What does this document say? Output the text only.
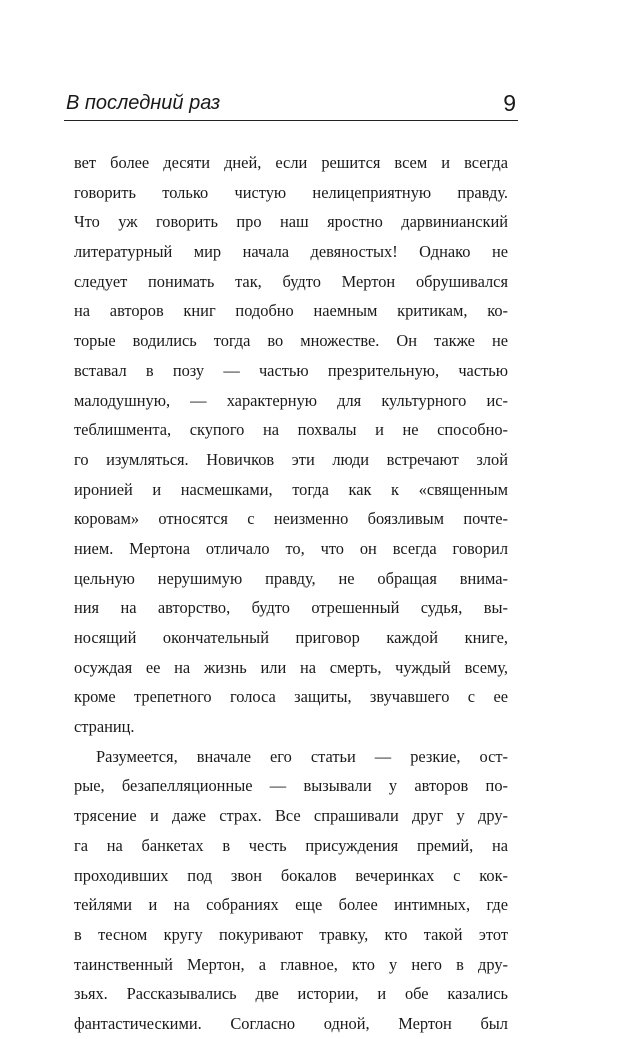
В последний раз	9
вет более десяти дней, если решится всем и всегда
говорить только чистую нелицеприятную правду.
Что уж говорить про наш яростно дарвинианский
литературный мир начала девяностых! Однако не
следует понимать так, будто Мертон обрушивался
на авторов книг подобно наемным критикам, ко-
торые водились тогда во множестве. Он также не
вставал в позу — частью презрительную, частью
малодушную, — характерную для культурного ис-
теблишмента, скупого на похвалы и не способно-
го изумляться. Новичков эти люди встречают злой
иронией и насмешками, тогда как к «священным
коровам» относятся с неизменно боязливым почте-
нием. Мертона отличало то, что он всегда говорил
цельную нерушимую правду, не обращая внима-
ния на авторство, будто отрешенный судья, вы-
носящий окончательный приговор каждой книге,
осуждая ее на жизнь или на смерть, чуждый всему,
кроме трепетного голоса защиты, звучавшего с ее
страниц.
Разумеется, вначале его статьи — резкие, ост-
рые, безапелляционные — вызывали у авторов по-
трясение и даже страх. Все спрашивали друг у дру-
га на банкетах в честь присуждения премий, на
проходивших под звон бокалов вечеринках с кок-
тейлями и на собраниях еще более интимных, где
в тесном кругу покуривают травку, кто такой этот
таинственный Мертон, а главное, кто у него в дру-
зьях. Рассказывались две истории, и обе казались
фантастическими. Согласно одной, Мертон был
